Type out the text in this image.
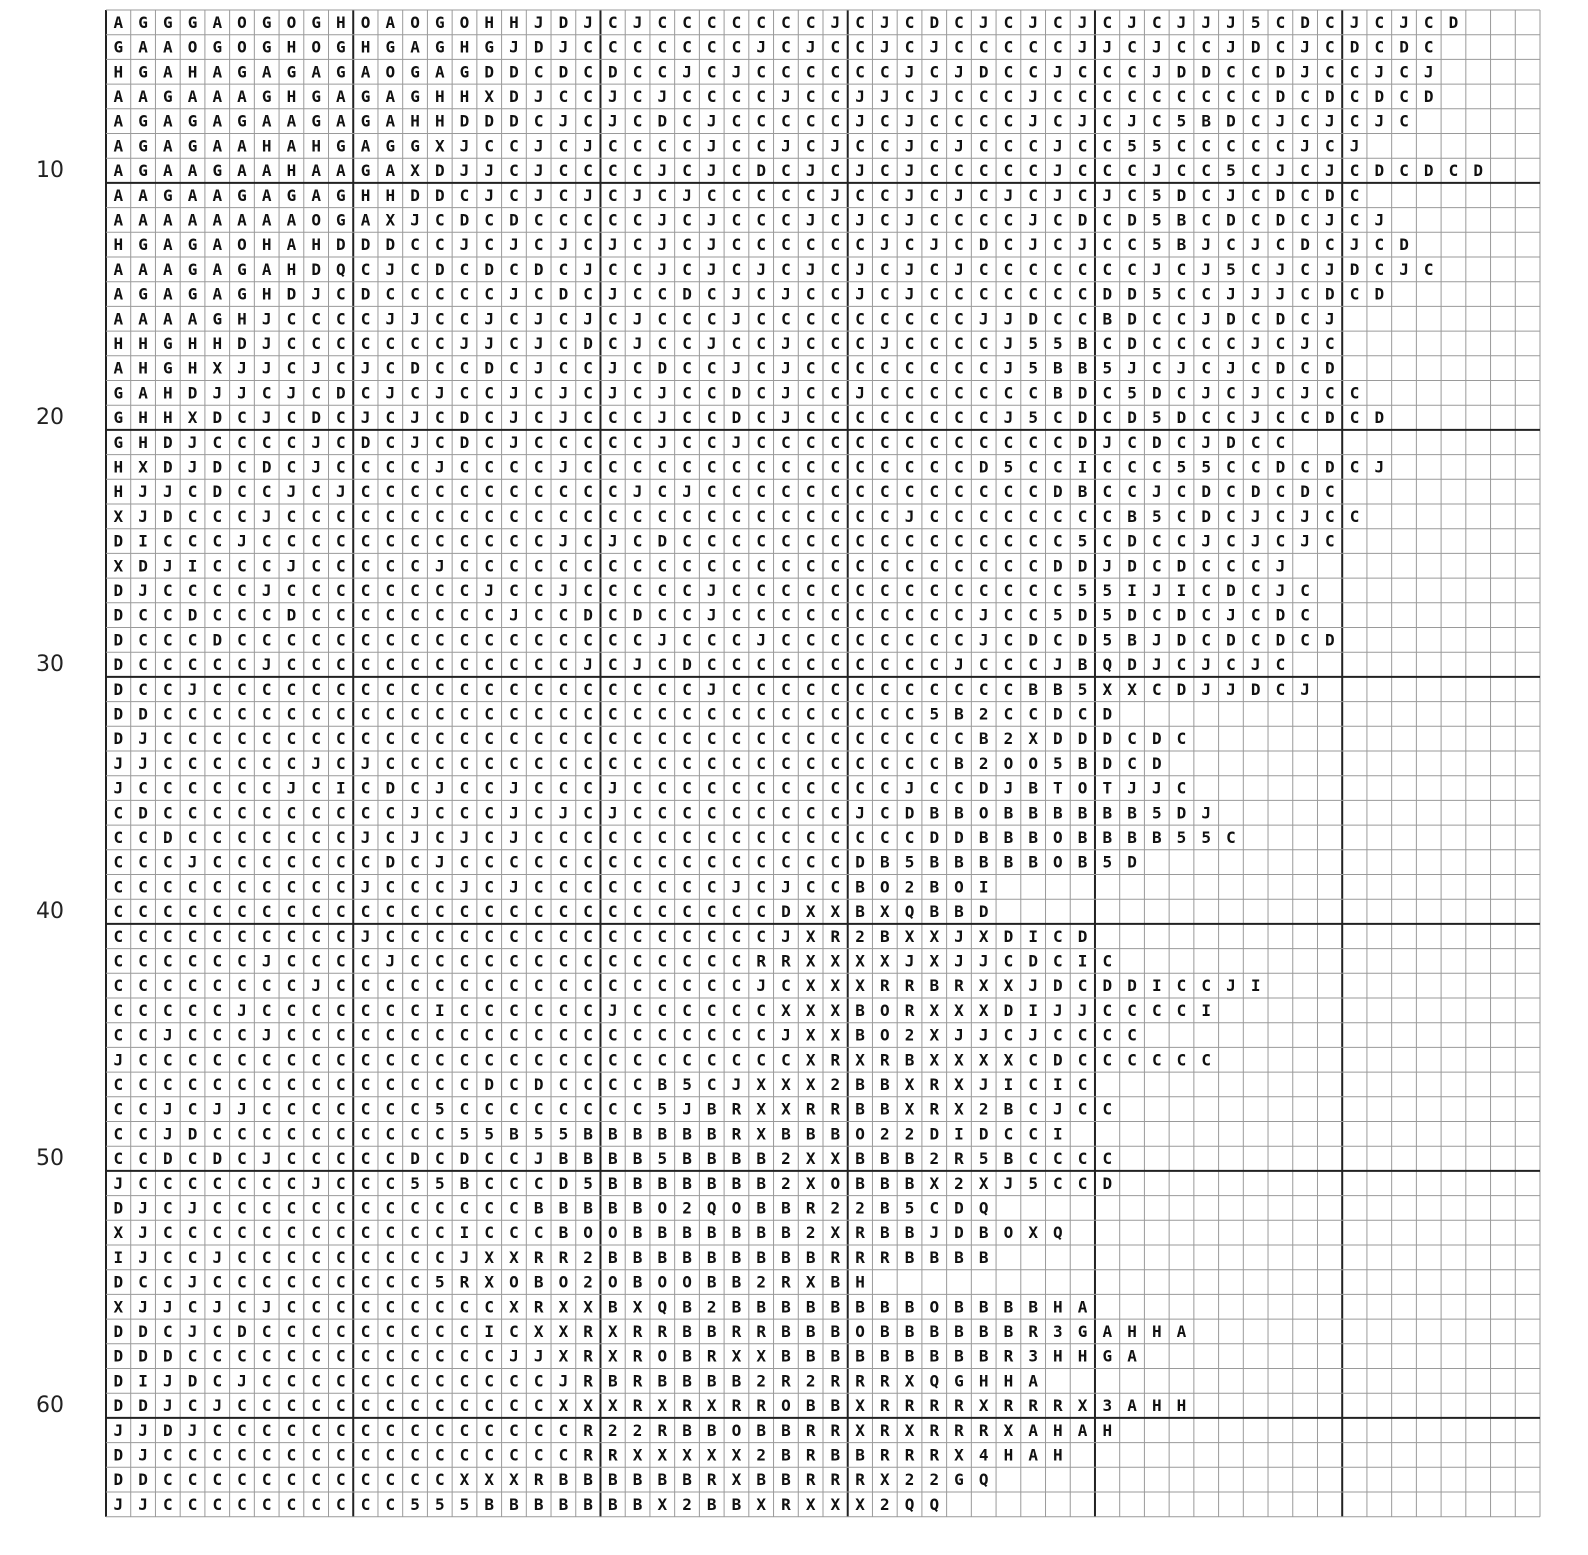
10
20
30
40
50
60
A G G G A O G O G H O A O G O H H J D J C J C C C C C C C J C J C D C J C J C J C J C J J J 5 C D C J C J C D
G A A O G O G H O G H G A G H G J D J C C C C C C C J C J C C J C J C C C C C J J C J C C J D C J C D C D C
H G A H A G A G A G A O G A G D D C D C D C C J C J C C C C C C J C J D C C J C C C J D D C C D J C C J C J
A A G A A A G H G A G A G H H X D J C C J C J C C C C J C C J J C J C C C J C C C C C C C C C D C D C D C D
A G A G A G A A G A G A H H D D D C J C J C D C J C C C C C J C J C C C C J C J C J C 5 B D C J C J C J C
A G A G A A H A H G A G G X J C C J C J C C C C J C C J C J C C J C J C C C J C C 5 5 C C C C C J C J
A G A A G A A H A A G A X D J J C J C C C C J C J C D C J C J C J C C C C C J C C C J C C 5 C J C J C D C D C D
A A G A A G A G A G H H D D C J C J C J C J C J C C C C C J C C J C J C J C J C J C 5 D C J C D C D C
A A A A A A A A O G A X J C D C D C C C C C J C J C C C J C J C J C C C C J C D C D 5 B C D C D C J C J
H G A G A O H A H D D D C C J C J C J C J C J C J C C C C C C J C J C D C J C J C C 5 B J C J C D C J C D
A A A G A G A H D Q C J C D C D C D C J C C J C J C J C J C J C J C J C C C C C C C J C J 5 C J C J D C J C
A G A G A G H D J C D C C C C C J C D C J C C D C J C J C C J C J C C C C C C C D D 5 C C J J J C D C D
A A A A G H J C C C C J J C C J C J C J C J C C C J C C C C C C C C C J J D C C B D C C J D C D C J
H H G H H D J C C C C C C C J J C J C D C J C C J C C J C C C J C C C C J 5 5 B C D C C C C J C J C
A H G H X J J C J C J C D C C D C J C C J C D C C J C J C C C C C C C C J 5 B B 5 J C J C J C D C D
G A H D J J C J C D C J C J C C J C J C J C J C C D C J C C J C C C C C C C B D C 5 D C J C J C J C C
G H H X D C J C D C J C J C D C J C J C C C J C C D C J C C C C C C C C J 5 C D C D 5 D C C J C C D C D
G H D J C C C C J C D C J C D C J C C C C C J C C J C C C C C C C C C C C C C D J C D C J D C C
H X D J D C D C J C C C C J C C C C J C C C C C C C C C C C C C C C C D 5 C C I C C C 5 5 C C D C D C J
H J J C D C C J C J C C C C C C C C C C C J C J C C C C C C C C C C C C C C D B C C J C D C D C D C
X J D C C C J C C C C C C C C C C C C C C C C C C C C C C C C C J C C C C C C C C B 5 C D C J C J C C
D I C C C J C C C C C C C C C C C C J C J C D C C C C C C C C C C C C C C C C 5 C D C C J C J C J C
X D J I C C C J C C C C C J C C C C C C C C C C C C C C C C C C C C C C C C D D J D C D C C C J
D J C C C C J C C C C C C C C J C C J C C C C C J C C C C C C C C C C C C C C 5 5 I J I C D C J C
D C C D C C C D C C C C C C C C J C C D C D C C J C C C C C C C C C C J C C 5 D 5 D C D C J C D C
D C C C D C C C C C C C C C C C C C C C C C J C C C J C C C C C C C C J C D C D 5 B J D C D C D C D
D C C C C C J C C C C C C C C C C C C J C J C D C C C C C C C C C C J C C C J B Q D J C J C J C
D C C J C C C C C C C C C C C C C C C C C C C C J C C C C C C C C C C C C B B 5 X X C D J J D C J
D D C C C C C C C C C C C C C C C C C C C C C C C C C C C C C C C 5 B 2 C C D C D
D J C C C C C C C C C C C C C C C C C C C C C C C C C C C C C C C C C B 2 X D D D C D C
J J C C C C C C J C J C C C C C C C C C C C C C C C C C C C C C C C B 2 O O 5 B D C D
J C C C C C C J C I C D C J C C J C C C J C C C C C C C C C C C J C C D J B T O T J J C
C D C C C C C C C C C C J C C C J C J C J C C C C C C C C C J C D B B O B B B B B B 5 D J
C C D C C C C C C C J C J C J C J C C C C C C C C C C C C C C C C D D B B B O B B B B 5 5 C
C C C J C C C C C C C D C J C C C C C C C C C C C C C C C C D B 5 B B B B B O B 5 D
C C C C C C C C C C J C C C J C J C C C C C C C C J C J C C B O 2 B O I
C C C C C C C C C C C C C C C C C C C C C C C C C C C D X X B X Q B B D
C C C C C C C C C C J C C C C C C C C C C C C C C C C J X R 2 B X X J X D I C D
C C C C C C J C C C C J C C C C C C C C C C C C C C R R X X X X J X J J C D C I C
C C C C C C C C J C C C C C C C C C C C C C C C C C J C X X X R R B R X X J D C D D I C C J I
C C C C C J C C C C C C C I C C C C C C J C C C C C C X X X B O R X X X D I J J C C C C I
C C J C C C J C C C C C C C C C C C C C C C C C C C C J X X B O 2 X J J C J C C C C
J C C C C C C C C C C C C C C C C C C C C C C C C C C C X R X R B X X X X C D C C C C C C
C C C C C C C C C C C C C C C D C D C C C C B 5 C J X X X 2 B B X R X J I C I C
C C J C J J C C C C C C C 5 C C C C C C C C 5 J B R X X R R B B X R X 2 B C J C C
C C J D C C C C C C C C C C 5 5 B 5 5 B B B B B B R X B B B O 2 2 D I D C C I
C C D C D C J C C C C C D C D C C J B B B B 5 B B B B 2 X X B B B 2 R 5 B C C C C
J C C C C C C C J C C C 5 5 B C C C D 5 B B B B B B B 2 X O B B B X 2 X J 5 C C D
D J C J C C C C C C C C C C C C C B B B B B O 2 Q O B B R 2 2 B 5 C D Q
X J C C C C C C C C C C C C I C C C B O O B B B B B B B 2 X R B B J D B O X Q
I J C C J C C C C C C C C C J X X R R 2 B B B B B B B B B R R R B B B B
D C C J C C C C C C C C C 5 R X O B O 2 O B O O B B 2 R X B H
X J J C J C J C C C C C C C C C X R X X B X Q B 2 B B B B B B B B O B B B B H A
D D C J C D C C C C C C C C C I C X X R X R R B B R R B B B O B B B B B B R 3 G A H H A
D D D C C C C C C C C C C C C C J J X R X R O B R X X B B B B B B B B B R 3 H H G A
D I J D C J C C C C C C C C C C C C J R B R B B B B 2 R 2 R R R X Q G H H A
D D J C J C C C C C C C C C C C C C X X X R X R X R R O B B X R R R R X R R R X 3 A H H
J J D J C C C C C C C C C C C C C C C R 2 2 R B B O B B R R X R X R R R X A H A H
D J C C C C C C C C C C C C C C C C C R R X X X X X 2 B R B B R R R X 4 H A H
D D C C C C C C C C C C C C X X X R B B B B B B R X B B R R R X 2 2 G Q
J J C C C C C C C C C C 5 5 5 B B B B B B B X 2 B B X R X X X 2 Q Q
